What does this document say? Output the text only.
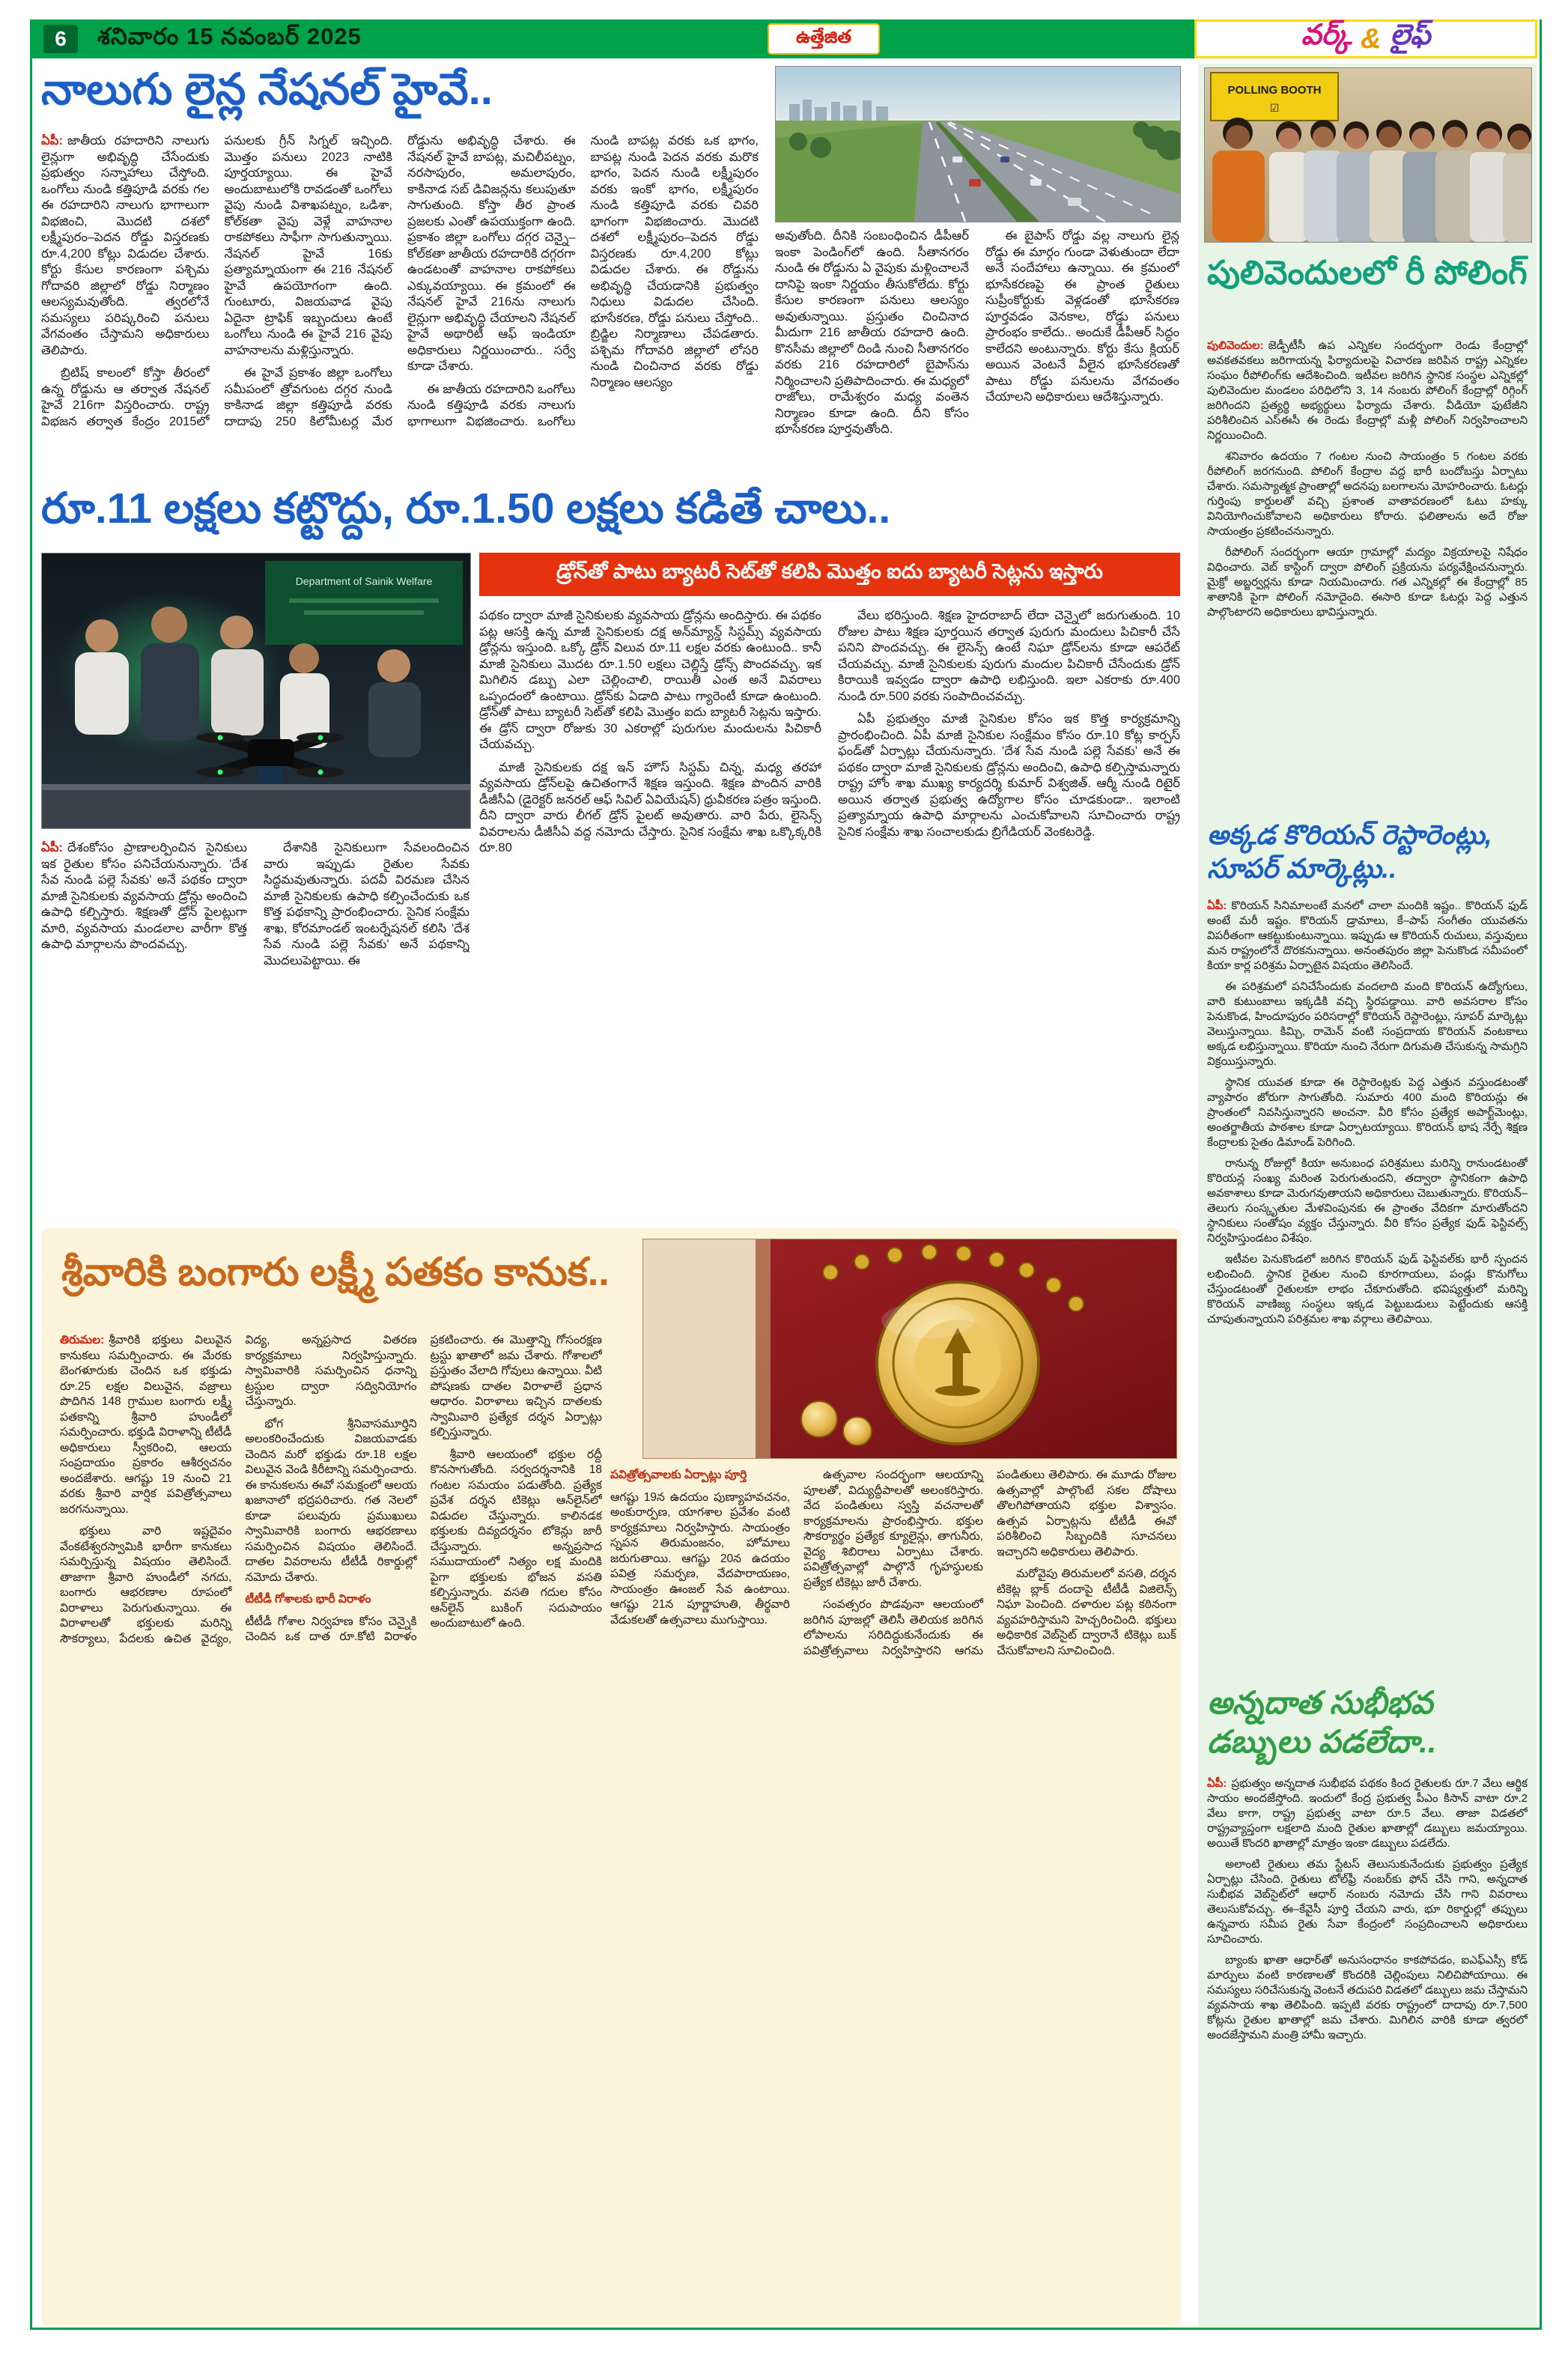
6	శనివారం 15 నవంబర్ 2025	ఉత్తేజిత	వర్క్ & లైఫ్
నాలుగు లైన్ల నేషనల్ హైవే..

ఏపీ: జాతీయ రహదారిని నాలుగు లైన్లుగా అభివృద్ధి చేసేందుకు ప్రభుత్వం సన్నాహాలు చేస్తోంది. ఒంగోలు నుండి కత్తిపూడి వరకు గల ఈ రహదారిని నాలుగు భాగాలుగా విభజించి, మొదటి దశలో లక్ష్మీపురం–పెదన రోడ్డు విస్తరణకు రూ.4,200 కోట్లు విడుదల చేశారు. కోర్టు కేసుల కారణంగా పశ్చిమ గోదావరి జిల్లాలో రోడ్డు నిర్మాణం ఆలస్యమవుతోంది. త్వరలోనే సమస్యలు పరిష్కరించి పనులు వేగవంతం చేస్తామని అధికారులు తెలిపారు.

బ్రిటిష్ కాలంలో కోస్తా తీరంలో ఉన్న రోడ్డును ఆ తర్వాత నేషనల్ హైవే 216గా విస్తరించారు. రాష్ట్ర విభజన తర్వాత కేంద్రం 2015లో పనులకు గ్రీన్ సిగ్నల్ ఇచ్చింది. మొత్తం పనులు 2023 నాటికి పూర్తయ్యాయి. ఈ హైవే అందుబాటులోకి రావడంతో ఒంగోలు వైపు నుండి విశాఖపట్నం, ఒడిశా, కోల్‌కతా వైపు వెళ్లే వాహనాల రాకపోకలు సాఫీగా సాగుతున్నాయి. నేషనల్ హైవే 16కు ప్రత్యామ్నాయంగా ఈ 216 నేషనల్ హైవే ఉపయోగంగా ఉంది. గుంటూరు, విజయవాడ వైపు ఏదైనా ట్రాఫిక్ ఇబ్బందులు ఉంటే ఒంగోలు నుండి ఈ హైవే 216 వైపు వాహనాలను మళ్లిస్తున్నారు.

ఈ హైవే ప్రకాశం జిల్లా ఒంగోలు సమీపంలో త్రోవగుంట దగ్గర నుండి కాకినాడ జిల్లా కత్తిపూడి వరకు దాదాపు 250 కిలోమీటర్ల మేర రోడ్డును అభివృద్ధి చేశారు. ఈ నేషనల్ హైవే బాపట్ల, మచిలీపట్నం, నరసాపురం, అమలాపురం, కాకినాడ సబ్ డివిజన్లను కలుపుతూ సాగుతుంది. కోస్తా తీర ప్రాంత ప్రజలకు ఎంతో ఉపయుక్తంగా ఉంది. ప్రకాశం జిల్లా ఒంగోలు దగ్గర చెన్నై–కోల్‌కతా జాతీయ రహదారికి దగ్గరగా ఉండటంతో వాహనాల రాకపోకలు ఎక్కువయ్యాయి. ఈ క్రమంలో ఈ నేషనల్ హైవే 216ను నాలుగు లైన్లుగా అభివృద్ధి చేయాలని నేషనల్ హైవే అథారిటీ ఆఫ్ ఇండియా అధికారులు నిర్ణయించారు.. సర్వే కూడా చేశారు.

ఈ జాతీయ రహదారిని ఒంగోలు నుండి కత్తిపూడి వరకు నాలుగు భాగాలుగా విభజించారు. ఒంగోలు నుండి బాపట్ల వరకు ఒక భాగం, బాపట్ల నుండి పెదన వరకు మరొక భాగం, పెదన నుండి లక్ష్మీపురం వరకు ఇంకో భాగం, లక్ష్మీపురం నుండి కత్తిపూడి వరకు చివరి భాగంగా విభజించారు. మొదటి దశలో లక్ష్మీపురం–పెదన రోడ్డు విస్తరణకు రూ.4,200 కోట్లు విడుదల చేశారు. ఈ రోడ్డును అభివృద్ధి చేయడానికి ప్రభుత్వం నిధులు విడుదల చేసింది. భూసేకరణ, రోడ్డు పనులు చేస్తోంది.. బ్రిడ్జిల నిర్మాణాలు చేపడతారు. పశ్చిమ గోదావరి జిల్లాలో లోసరి నుండి చించినాద వరకు రోడ్డు నిర్మాణం ఆలస్యం

అవుతోంది. దీనికి సంబంధించిన డీపీఆర్ ఇంకా పెండింగ్‌లో ఉంది. సీతానగరం నుండి ఈ రోడ్డును ఏ వైపుకు మళ్లించాలనే దానిపై ఇంకా నిర్ణయం తీసుకోలేదు. కోర్టు కేసుల కారణంగా పనులు ఆలస్యం అవుతున్నాయి. ప్రస్తుతం చించినాద మీదుగా 216 జాతీయ రహదారి ఉంది. కొనసీమ జిల్లాలో దిండి నుంచి సీతానగరం వరకు 216 రహదారిలో బైపాస్‌ను నిర్మించాలని ప్రతిపాదించారు. ఈ మధ్యలో రాజోలు, రామేశ్వరం మధ్య వంతెన నిర్మాణం కూడా ఉంది. దీని కోసం భూసేకరణ పూర్తవుతోంది.

ఈ బైపాస్ రోడ్డు వల్ల నాలుగు లైన్ల రోడ్డు ఈ మార్గం గుండా వెళుతుందా లేదా అనే సందేహాలు ఉన్నాయి. ఈ క్రమంలో భూసేకరణపై ఈ ప్రాంత రైతులు సుప్రీంకోర్టుకు వెళ్లడంతో భూసేకరణ పూర్తవడం వెనకాల, రోడ్డు పనులు ప్రారంభం కాలేదు.. అందుకే డీపీఆర్ సిద్ధం కాలేదని అంటున్నారు. కోర్టు కేసు క్లియర్ అయిన వెంటనే వీలైన భూసేకరణతో పాటు రోడ్డు పనులను వేగవంతం చేయాలని అధికారులు ఆదేశిస్తున్నారు.

రూ.11 లక్షలు కట్టొద్దు, రూ.1.50 లక్షలు కడితే చాలు..
Department of Sainik Welfare	డ్రోన్‌తో పాటు బ్యాటరీ సెట్‌తో కలిపి మొత్తం ఐదు బ్యాటరీ సెట్లను ఇస్తారు

పథకం ద్వారా మాజీ సైనికులకు వ్యవసాయ డ్రోన్లను అందిస్తారు. ఈ పథకం పట్ల ఆసక్తి ఉన్న మాజీ సైనికులకు దక్ష అన్‌మ్యాన్డ్ సిస్టమ్స్ వ్యవసాయ డ్రోన్లను ఇస్తుంది. ఒక్కో డ్రోన్ విలువ రూ.11 లక్షల వరకు ఉంటుంది.. కానీ మాజీ సైనికులు మొదట రూ.1.50 లక్షలు చెల్లిస్తే డ్రోన్స్ పొందవచ్చు. ఇక మిగిలిన డబ్బు ఎలా చెల్లించాలి, రాయితీ ఎంత అనే వివరాలు ఒప్పందంలో ఉంటాయి. డ్రోన్‌కు ఏడాది పాటు గ్యారెంటీ కూడా ఉంటుంది. డ్రోన్‌తో పాటు బ్యాటరీ సెట్‌తో కలిపి మొత్తం ఐదు బ్యాటరీ సెట్లను ఇస్తారు. ఈ డ్రోన్ ద్వారా రోజుకు 30 ఎకరాల్లో పురుగుల మందులను పిచికారీ చేయవచ్చు.

మాజీ సైనికులకు దక్ష ఇన్ హౌస్ సిస్టమ్ చిన్న, మధ్య తరహా వ్యవసాయ డ్రోన్‌లపై ఉచితంగానే శిక్షణ ఇస్తుంది. శిక్షణ పొందిన వారికి డీజీసీఏ (డైరెక్టర్ జనరల్ ఆఫ్ సివిల్ ఏవియేషన్) ధ్రువీకరణ పత్రం ఇస్తుంది. దీని ద్వారా వారు లీగల్ డ్రోన్ పైలట్ అవుతారు. వారి పేరు, లైసెన్స్ వివరాలను డీజీసీఏ వద్ద నమోదు చేస్తారు. సైనిక సంక్షేమ శాఖ ఒక్కొక్కరికి రూ.80

వేలు భరిస్తుంది. శిక్షణ హైదరాబాద్ లేదా చెన్నైలో జరుగుతుంది. 10 రోజుల పాటు శిక్షణ పూర్తయిన తర్వాత పురుగు మందులు పిచికారీ చేసే పనిని పొందవచ్చు. ఈ లైసెన్స్ ఉంటే నిఘా డ్రోన్‌లను కూడా ఆపరేట్ చేయవచ్చు. మాజీ సైనికులకు పురుగు మందుల పిచికారీ చేసేందుకు డ్రోన్ కిరాయికి ఇవ్వడం ద్వారా ఉపాధి లభిస్తుంది. ఇలా ఎకరాకు రూ.400 నుండి రూ.500 వరకు సంపాదించవచ్చు.

ఏపీ ప్రభుత్వం మాజీ సైనికుల కోసం ఇక కొత్త కార్యక్రమాన్ని ప్రారంభించింది. ఏపీ మాజీ సైనికుల సంక్షేమం కోసం రూ.10 కోట్ల కార్పస్ ఫండ్‌తో ఏర్పాట్లు చేయనున్నారు. 'దేశ సేవ నుండి పల్లె సేవకు' అనే ఈ పథకం ద్వారా మాజీ సైనికులకు డ్రోన్లను అందించి, ఉపాధి కల్పిస్తామన్నారు రాష్ట్ర హోం శాఖ ముఖ్య కార్యదర్శి కుమార్ విశ్వజిత్. ఆర్మీ నుండి రిటైర్ అయిన తర్వాత ప్రభుత్వ ఉద్యోగాల కోసం చూడకుండా.. ఇలాంటి ప్రత్యామ్నాయ ఉపాధి మార్గాలను ఎంచుకోవాలని సూచించారు రాష్ట్ర సైనిక సంక్షేమ శాఖ సంచాలకుడు బ్రిగేడియర్ వెంకటరెడ్డి.

ఏపీ: దేశంకోసం ప్రాణాలర్పించిన సైనికులు ఇక రైతుల కోసం పనిచేయనున్నారు. 'దేశ సేవ నుండి పల్లె సేవకు' అనే పథకం ద్వారా మాజీ సైనికులకు వ్యవసాయ డ్రోన్లు అందించి ఉపాధి కల్పిస్తారు. శిక్షణతో డ్రోన్ పైలట్లుగా మారి, వ్యవసాయ మండలాల వారీగా కొత్త ఉపాధి మార్గాలను పొందవచ్చు.

దేశానికి సైనికులుగా సేవలందించిన వారు ఇప్పుడు రైతుల సేవకు సిద్ధమవుతున్నారు. పదవీ విరమణ చేసిన మాజీ సైనికులకు ఉపాధి కల్పించేందుకు ఒక కొత్త పథకాన్ని ప్రారంభించారు. సైనిక సంక్షేమ శాఖ, కోరమాండల్ ఇంటర్నేషనల్ కలిసి 'దేశ సేవ నుండి పల్లె సేవకు' అనే పథకాన్ని మొదలుపెట్టాయి. ఈ

శ్రీవారికి బంగారు లక్ష్మీ పతకం కానుక..

తిరుమల: శ్రీవారికి భక్తులు విలువైన కానుకలు సమర్పించారు. ఈ మేరకు బెంగళూరుకు చెందిన ఒక భక్తుడు రూ.25 లక్షల విలువైన, వజ్రాలు పొదిగిన 148 గ్రాముల బంగారు లక్ష్మీ పతకాన్ని శ్రీవారి హుండీలో సమర్పించారు. భక్తుడి విరాళాన్ని టీటీడీ అధికారులు స్వీకరించి, ఆలయ సంప్రదాయం ప్రకారం ఆశీర్వచనం అందజేశారు. ఆగష్టు 19 నుంచి 21 వరకు శ్రీవారి వార్షిక పవిత్రోత్సవాలు జరగనున్నాయి.

భక్తులు వారి ఇష్టదైవం వేంకటేశ్వరస్వామికి భారీగా కానుకలు సమర్పిస్తున్న విషయం తెలిసిందే. తాజాగా శ్రీవారి హుండీలో నగదు, బంగారు ఆభరణాల రూపంలో విరాళాలు పెరుగుతున్నాయి. ఈ విరాళాలతో భక్తులకు మరిన్ని సౌకర్యాలు, పేదలకు ఉచిత వైద్యం, విద్య, అన్నప్రసాద వితరణ కార్యక్రమాలు నిర్వహిస్తున్నారు. స్వామివారికి సమర్పించిన ధనాన్ని ట్రస్టుల ద్వారా సద్వినియోగం చేస్తున్నారు.

భోగ శ్రీనివాసమూర్తిని అలంకరించేందుకు విజయవాడకు చెందిన మరో భక్తుడు రూ.18 లక్షల విలువైన వెండి కిరీటాన్ని సమర్పించారు. ఈ కానుకలను ఈవో సమక్షంలో ఆలయ ఖజానాలో భద్రపరిచారు. గత నెలలో కూడా పలువురు ప్రముఖులు స్వామివారికి బంగారు ఆభరణాలు సమర్పించిన విషయం తెలిసిందే. దాతల వివరాలను టీటీడీ రికార్డుల్లో నమోదు చేశారు.

టీటీడీ గోశాలకు భారీ విరాళం

టీటీడీ గోశాల నిర్వహణ కోసం చెన్నైకి చెందిన ఒక దాత రూ.కోటి విరాళం ప్రకటించారు. ఈ మొత్తాన్ని గోసంరక్షణ ట్రస్టు ఖాతాలో జమ చేశారు. గోశాలలో ప్రస్తుతం వేలాది గోవులు ఉన్నాయి. వీటి పోషణకు దాతల విరాళాలే ప్రధాన ఆధారం. విరాళాలు ఇచ్చిన దాతలకు స్వామివారి ప్రత్యేక దర్శన ఏర్పాట్లు కల్పిస్తున్నారు.

శ్రీవారి ఆలయంలో భక్తుల రద్దీ కొనసాగుతోంది. సర్వదర్శనానికి 18 గంటల సమయం పడుతోంది. ప్రత్యేక ప్రవేశ దర్శన టికెట్లు ఆన్‌లైన్‌లో విడుదల చేస్తున్నారు. కాలినడక భక్తులకు దివ్యదర్శనం టోకెన్లు జారీ చేస్తున్నారు. అన్నప్రసాద సముదాయంలో నిత్యం లక్ష మందికి పైగా భక్తులకు భోజన వసతి కల్పిస్తున్నారు. వసతి గదుల కోసం ఆన్‌లైన్ బుకింగ్ సదుపాయం అందుబాటులో ఉంది.

పవిత్రోత్సవాలకు ఏర్పాట్లు పూర్తి

ఆగష్టు 19న ఉదయం పుణ్యాహవచనం, అంకురార్పణ, యాగశాల ప్రవేశం వంటి కార్యక్రమాలు నిర్వహిస్తారు. సాయంత్రం స్నపన తిరుమంజనం, హోమాలు జరుగుతాయి. ఆగష్టు 20న ఉదయం పవిత్ర సమర్పణ, వేదపారాయణం, సాయంత్రం ఊంజల్ సేవ ఉంటాయి. ఆగష్టు 21న పూర్ణాహుతి, తీర్థవారి వేడుకలతో ఉత్సవాలు ముగుస్తాయి.

ఉత్సవాల సందర్భంగా ఆలయాన్ని పూలతో, విద్యుద్దీపాలతో అలంకరిస్తారు. వేద పండితులు స్వస్తి వచనాలతో కార్యక్రమాలను ప్రారంభిస్తారు. భక్తుల సౌకర్యార్థం ప్రత్యేక క్యూలైన్లు, తాగునీరు, వైద్య శిబిరాలు ఏర్పాటు చేశారు. పవిత్రోత్సవాల్లో పాల్గొనే గృహస్థులకు ప్రత్యేక టికెట్లు జారీ చేశారు.

సంవత్సరం పొడవునా ఆలయంలో జరిగిన పూజల్లో తెలిసీ తెలియక జరిగిన లోపాలను సరిదిద్దుకునేందుకు ఈ పవిత్రోత్సవాలు నిర్వహిస్తారని ఆగమ పండితులు తెలిపారు. ఈ మూడు రోజుల ఉత్సవాల్లో పాల్గొంటే సకల దోషాలు తొలగిపోతాయని భక్తుల విశ్వాసం. ఉత్సవ ఏర్పాట్లను టీటీడీ ఈవో పరిశీలించి సిబ్బందికి సూచనలు ఇచ్చారని అధికారులు తెలిపారు.

మరోవైపు తిరుమలలో వసతి, దర్శన టికెట్ల బ్లాక్ దందాపై టీటీడీ విజిలెన్స్ నిఘా పెంచింది. దళారుల పట్ల కఠినంగా వ్యవహరిస్తామని హెచ్చరించింది. భక్తులు అధికారిక వెబ్‌సైట్ ద్వారానే టికెట్లు బుక్ చేసుకోవాలని సూచించింది.

POLLING BOOTH
☑
పులివెందులలో రీ పోలింగ్

పులివెందుల: జెడ్పీటీసీ ఉప ఎన్నికల సందర్భంగా రెండు కేంద్రాల్లో అవకతవకలు జరిగాయన్న ఫిర్యాదులపై విచారణ జరిపిన రాష్ట్ర ఎన్నికల సంఘం రీపోలింగ్‌కు ఆదేశించింది. ఇటీవల జరిగిన స్థానిక సంస్థల ఎన్నికల్లో పులివెందుల మండలం పరిధిలోని 3, 14 నంబరు పోలింగ్ కేంద్రాల్లో రిగ్గింగ్ జరిగిందని ప్రత్యర్థి అభ్యర్థులు ఫిర్యాదు చేశారు. వీడియో ఫుటేజీని పరిశీలించిన ఎస్ఈసీ ఈ రెండు కేంద్రాల్లో మళ్లీ పోలింగ్ నిర్వహించాలని నిర్ణయించింది.

శనివారం ఉదయం 7 గంటల నుంచి సాయంత్రం 5 గంటల వరకు రీపోలింగ్ జరగనుంది. పోలింగ్ కేంద్రాల వద్ద భారీ బందోబస్తు ఏర్పాటు చేశారు. సమస్యాత్మక ప్రాంతాల్లో అదనపు బలగాలను మోహరించారు. ఓటర్లు గుర్తింపు కార్డులతో వచ్చి ప్రశాంత వాతావరణంలో ఓటు హక్కు వినియోగించుకోవాలని అధికారులు కోరారు. ఫలితాలను అదే రోజు సాయంత్రం ప్రకటించనున్నారు.

రీపోలింగ్ సందర్భంగా ఆయా గ్రామాల్లో మద్యం విక్రయాలపై నిషేధం విధించారు. వెబ్ కాస్టింగ్ ద్వారా పోలింగ్ ప్రక్రియను పర్యవేక్షించనున్నారు. మైక్రో అబ్జర్వర్లను కూడా నియమించారు. గత ఎన్నికల్లో ఈ కేంద్రాల్లో 85 శాతానికి పైగా పోలింగ్ నమోదైంది. ఈసారి కూడా ఓటర్లు పెద్ద ఎత్తున పాల్గొంటారని అధికారులు భావిస్తున్నారు.

అక్కడ కొరియన్ రెస్టారెంట్లు, సూపర్ మార్కెట్లు..

ఏపీ: కొరియన్ సినిమాలంటే మనలో చాలా మందికి ఇష్టం.. కొరియన్ ఫుడ్ అంటే మరీ ఇష్టం. కొరియన్ డ్రామాలు, కే–పాప్ సంగీతం యువతను విపరీతంగా ఆకట్టుకుంటున్నాయి. ఇప్పుడు ఆ కొరియన్ రుచులు, వస్తువులు మన రాష్ట్రంలోనే దొరకనున్నాయి. అనంతపురం జిల్లా పెనుకొండ సమీపంలో కియా కార్ల పరిశ్రమ ఏర్పాటైన విషయం తెలిసిందే.

ఈ పరిశ్రమలో పనిచేసేందుకు వందలాది మంది కొరియన్ ఉద్యోగులు, వారి కుటుంబాలు ఇక్కడికి వచ్చి స్థిరపడ్డాయి. వారి అవసరాల కోసం పెనుకొండ, హిందూపురం పరిసరాల్లో కొరియన్ రెస్టారెంట్లు, సూపర్ మార్కెట్లు వెలుస్తున్నాయి. కిమ్చి, రామెన్ వంటి సంప్రదాయ కొరియన్ వంటకాలు అక్కడ లభిస్తున్నాయి. కొరియా నుంచి నేరుగా దిగుమతి చేసుకున్న సామగ్రిని విక్రయిస్తున్నారు.

స్థానిక యువత కూడా ఈ రెస్టారెంట్లకు పెద్ద ఎత్తున వస్తుండటంతో వ్యాపారం జోరుగా సాగుతోంది. సుమారు 400 మంది కొరియన్లు ఈ ప్రాంతంలో నివసిస్తున్నారని అంచనా. వీరి కోసం ప్రత్యేక అపార్ట్‌మెంట్లు, అంతర్జాతీయ పాఠశాల కూడా ఏర్పాటయ్యాయి. కొరియన్ భాష నేర్పే శిక్షణ కేంద్రాలకు సైతం డిమాండ్ పెరిగింది.

రానున్న రోజుల్లో కియా అనుబంధ పరిశ్రమలు మరిన్ని రానుండటంతో కొరియన్ల సంఖ్య మరింత పెరుగుతుందని, తద్వారా స్థానికంగా ఉపాధి అవకాశాలు కూడా మెరుగవుతాయని అధికారులు చెబుతున్నారు. కొరియన్–తెలుగు సంస్కృతుల మేళవింపునకు ఈ ప్రాంతం వేదికగా మారుతోందని స్థానికులు సంతోషం వ్యక్తం చేస్తున్నారు. వీరి కోసం ప్రత్యేక ఫుడ్ ఫెస్టివల్స్ నిర్వహిస్తుండటం విశేషం.

ఇటీవల పెనుకొండలో జరిగిన కొరియన్ ఫుడ్ ఫెస్టివల్‌కు భారీ స్పందన లభించింది. స్థానిక రైతుల నుంచి కూరగాయలు, పండ్లు కొనుగోలు చేస్తుండటంతో రైతులకూ లాభం చేకూరుతోంది. భవిష్యత్తులో మరిన్ని కొరియన్ వాణిజ్య సంస్థలు ఇక్కడ పెట్టుబడులు పెట్టేందుకు ఆసక్తి చూపుతున్నాయని పరిశ్రమల శాఖ వర్గాలు తెలిపాయి.

అన్నదాత సుభీభవ డబ్బులు పడలేదా..

ఏపీ: ప్రభుత్వం అన్నదాత సుభీభవ పథకం కింద రైతులకు రూ.7 వేలు ఆర్థిక సాయం అందజేస్తోంది. ఇందులో కేంద్ర ప్రభుత్వ పీఎం కిసాన్ వాటా రూ.2 వేలు కాగా, రాష్ట్ర ప్రభుత్వ వాటా రూ.5 వేలు. తాజా విడతలో రాష్ట్రవ్యాప్తంగా లక్షలాది మంది రైతుల ఖాతాల్లో డబ్బులు జమయ్యాయి. అయితే కొందరి ఖాతాల్లో మాత్రం ఇంకా డబ్బులు పడలేదు.

అలాంటి రైతులు తమ స్టేటస్ తెలుసుకునేందుకు ప్రభుత్వం ప్రత్యేక ఏర్పాట్లు చేసింది. రైతులు టోల్‌ఫ్రీ నంబర్‌కు ఫోన్ చేసి గాని, అన్నదాత సుభీభవ వెబ్‌సైట్‌లో ఆధార్ నంబరు నమోదు చేసి గాని వివరాలు తెలుసుకోవచ్చు. ఈ–కేవైసీ పూర్తి చేయని వారు, భూ రికార్డుల్లో తప్పులు ఉన్నవారు సమీప రైతు సేవా కేంద్రంలో సంప్రదించాలని అధికారులు సూచించారు.

బ్యాంకు ఖాతా ఆధార్‌తో అనుసంధానం కాకపోవడం, ఐఎఫ్ఎస్సీ కోడ్ మార్పులు వంటి కారణాలతో కొందరికి చెల్లింపులు నిలిచిపోయాయి. ఈ సమస్యలు సరిచేసుకున్న వెంటనే తదుపరి విడతలో డబ్బులు జమ చేస్తామని వ్యవసాయ శాఖ తెలిపింది. ఇప్పటి వరకు రాష్ట్రంలో దాదాపు రూ.7,500 కోట్లను రైతుల ఖాతాల్లో జమ చేశారు. మిగిలిన వారికి కూడా త్వరలో అందజేస్తామని మంత్రి హామీ ఇచ్చారు.
